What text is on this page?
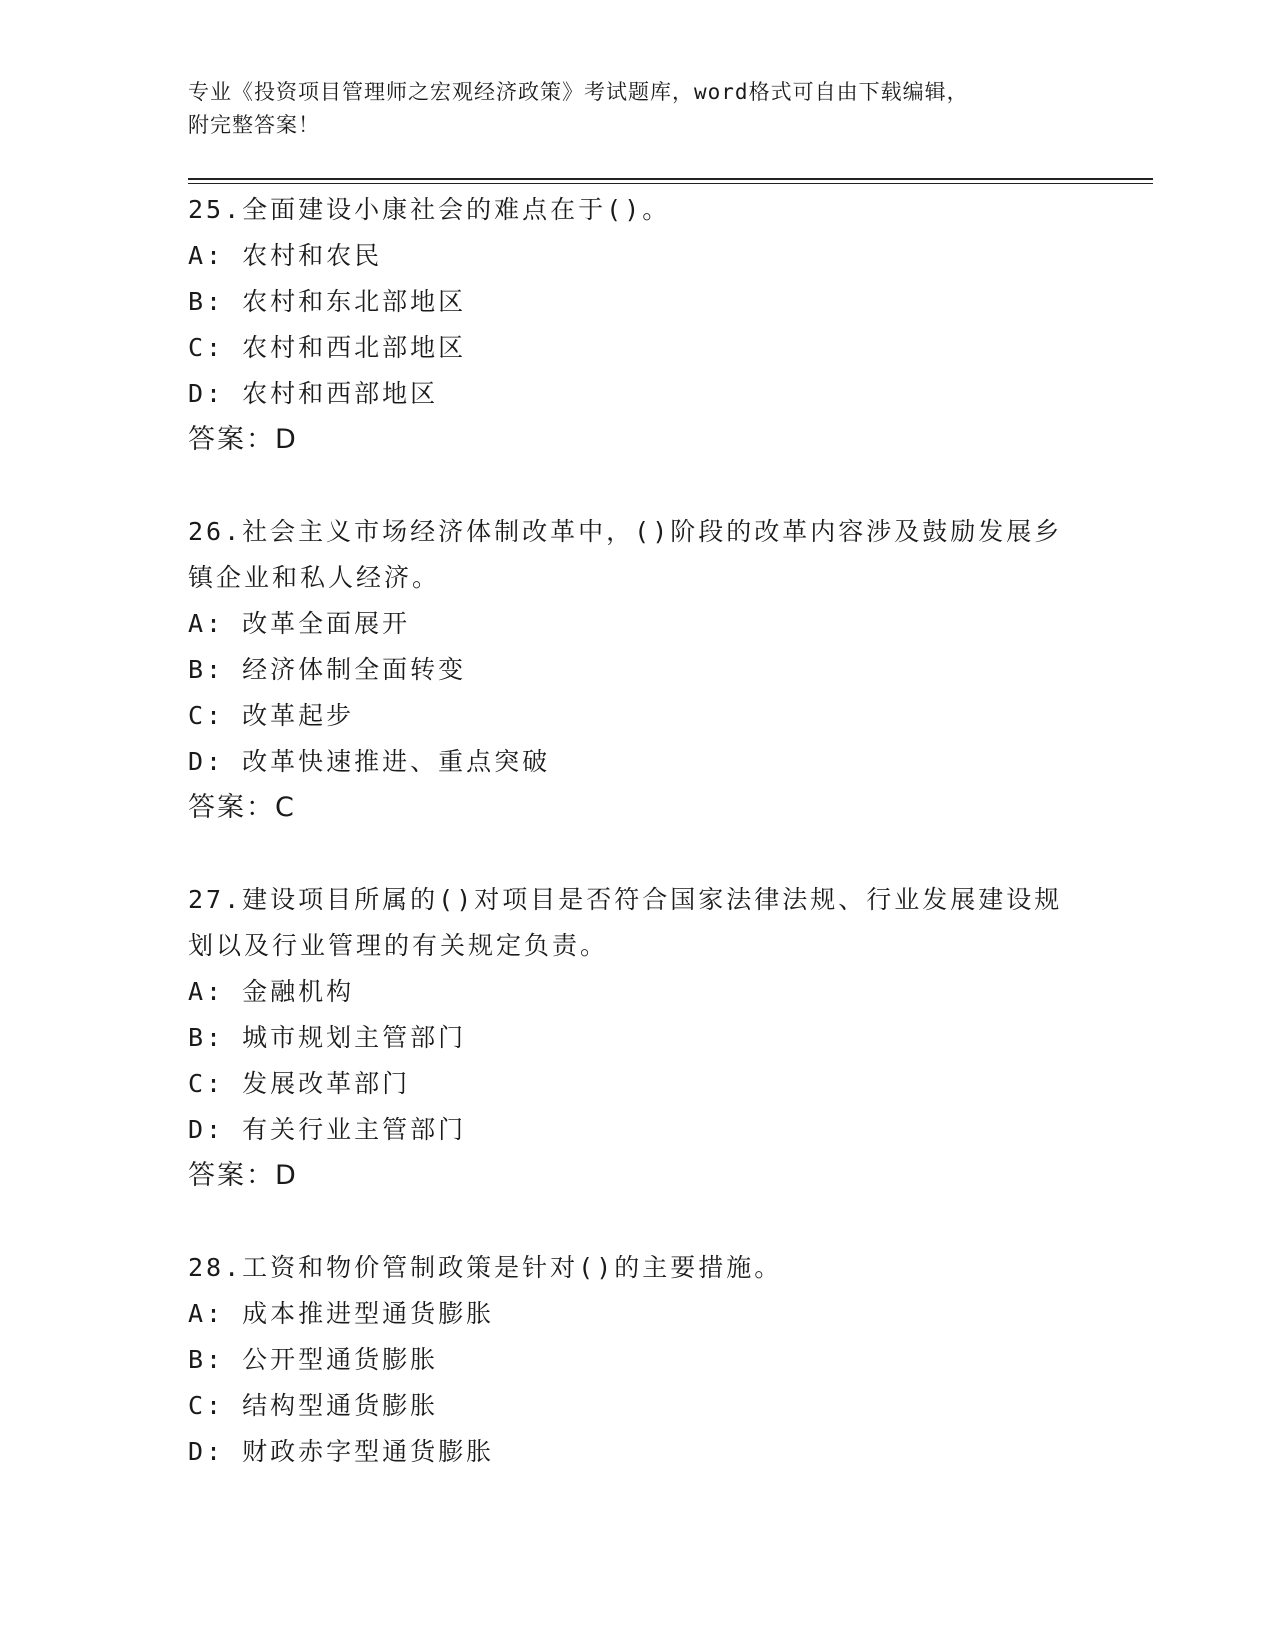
专业《投资项目管理师之宏观经济政策》考试题库，word格式可自由下载编辑，
附完整答案！
25.全面建设小康社会的难点在于()。
A: 农村和农民
B: 农村和东北部地区
C: 农村和西北部地区
D: 农村和西部地区
答案：D
26.社会主义市场经济体制改革中，()阶段的改革内容涉及鼓励发展乡
镇企业和私人经济。
A: 改革全面展开
B: 经济体制全面转变
C: 改革起步
D: 改革快速推进、重点突破
答案：C
27.建设项目所属的()对项目是否符合国家法律法规、行业发展建设规
划以及行业管理的有关规定负责。
A: 金融机构
B: 城市规划主管部门
C: 发展改革部门
D: 有关行业主管部门
答案：D
28.工资和物价管制政策是针对()的主要措施。
A: 成本推进型通货膨胀
B: 公开型通货膨胀
C: 结构型通货膨胀
D: 财政赤字型通货膨胀
